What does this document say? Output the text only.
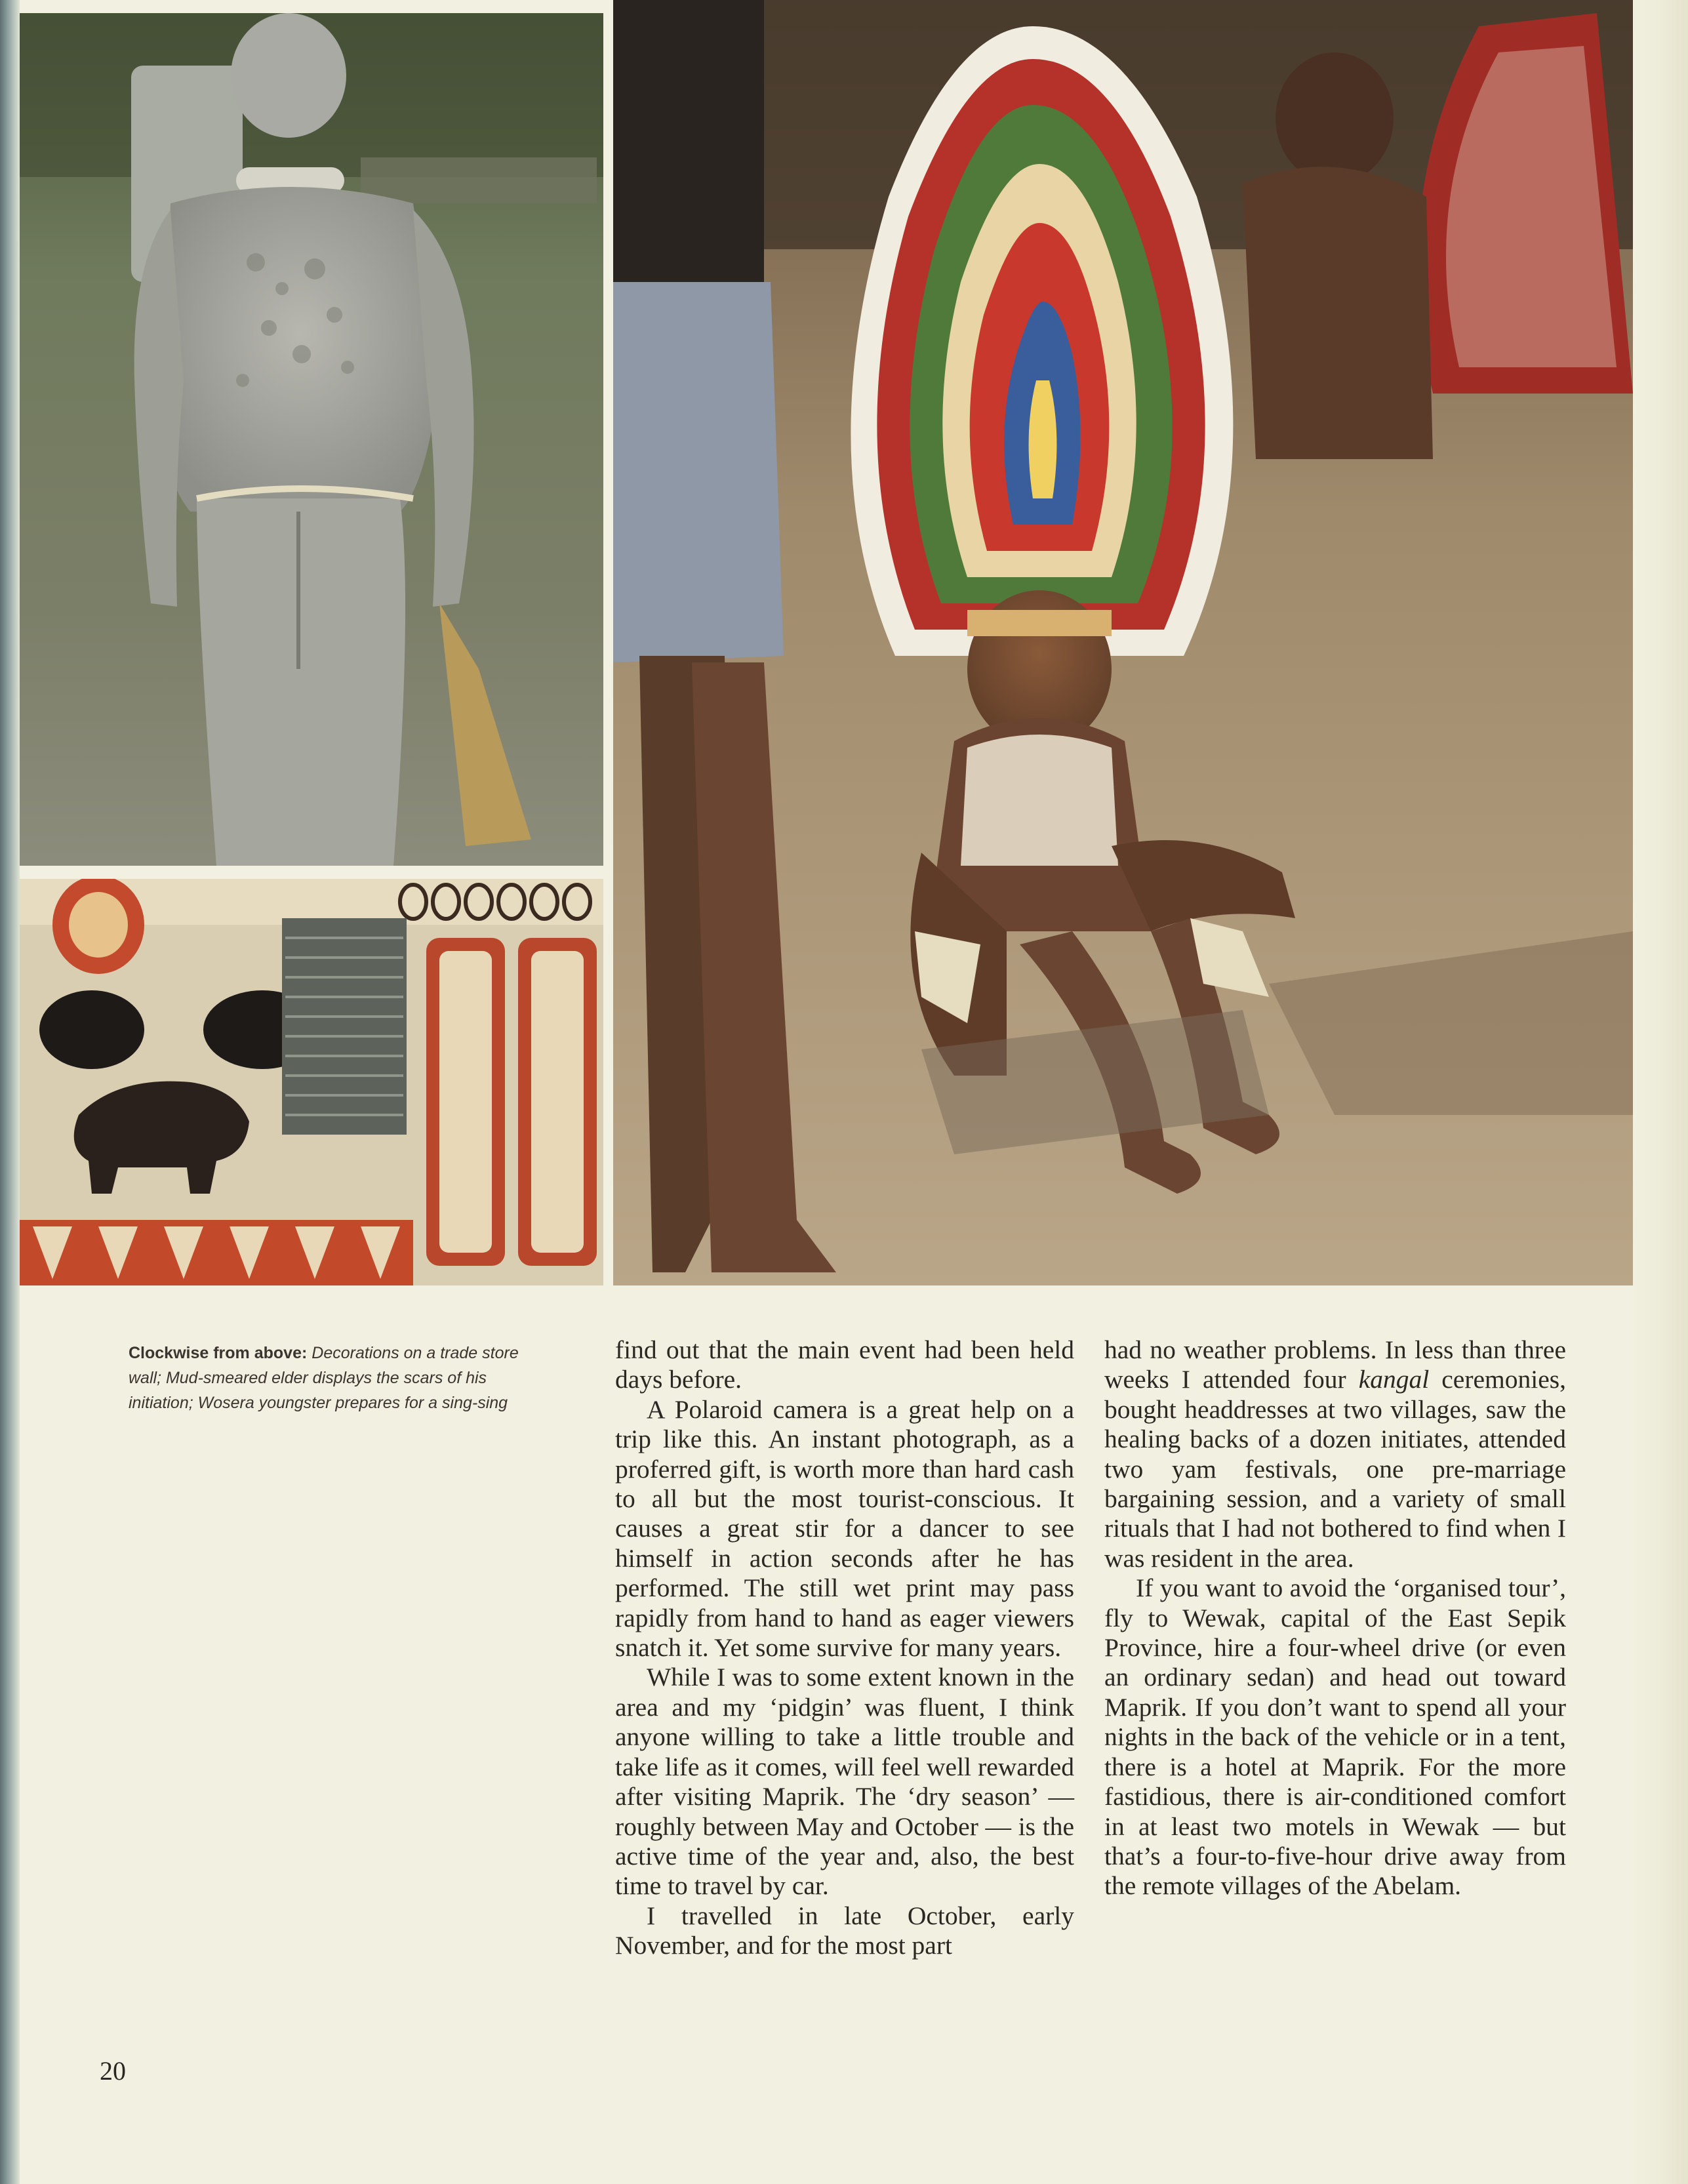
Clockwise from above: Decorations on a trade store wall; Mud-smeared elder displays the scars of his initiation; Wosera youngster prepares for a sing-sing

find out that the main event had been held days before.

A Polaroid camera is a great help on a trip like this. An instant photograph, as a proferred gift, is worth more than hard cash to all but the most tourist-conscious. It causes a great stir for a dancer to see himself in action seconds after he has performed. The still wet print may pass rapidly from hand to hand as eager viewers snatch it. Yet some survive for many years.

While I was to some extent known in the area and my ‘pidgin’ was fluent, I think anyone willing to take a little trouble and take life as it comes, will feel well rewarded after visiting Maprik. The ‘dry season’ — roughly between May and October — is the active time of the year and, also, the best time to travel by car.

I travelled in late October, early November, and for the most part

had no weather problems. In less than three weeks I attended four kangal ceremonies, bought headdresses at two villages, saw the healing backs of a dozen initiates, attended two yam festivals, one pre-marriage bargaining session, and a variety of small rituals that I had not bothered to find when I was resident in the area.

If you want to avoid the ‘organised tour’, fly to Wewak, capital of the East Sepik Province, hire a four-wheel drive (or even an ordinary sedan) and head out toward Maprik. If you don’t want to spend all your nights in the back of the vehicle or in a tent, there is a hotel at Maprik. For the more fastidious, there is air-conditioned comfort in at least two motels in Wewak — but that’s a four-to-five-hour drive away from the remote villages of the Abelam.

20
